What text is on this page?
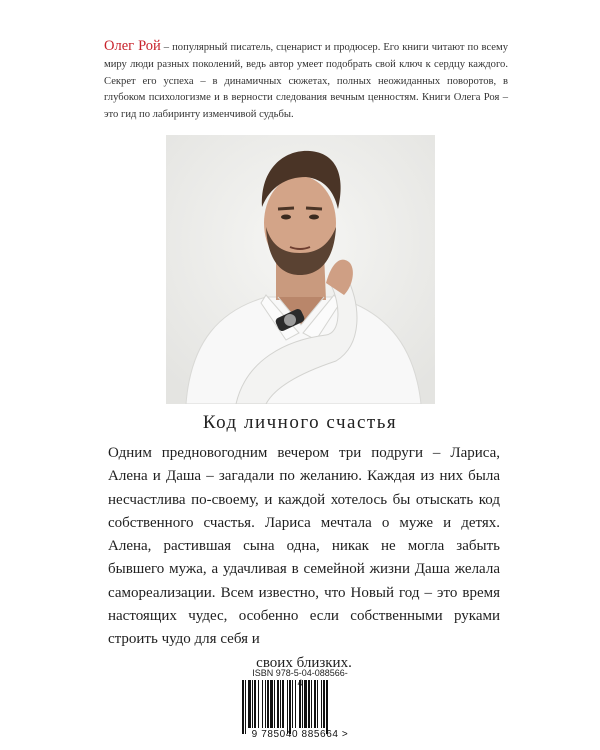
Олег Рой – популярный писатель, сценарист и продюсер. Его книги читают по всему миру люди разных поколений, ведь автор умеет подобрать свой ключ к сердцу каждого. Секрет его успеха – в динамичных сюжетах, полных неожиданных поворотов, в глубоком психологизме и в верности следования вечным ценностям. Книги Олега Роя – это гид по лабиринту изменчивой судьбы.
Код личного счастья
Одним предновогодним вечером три подруги – Лариса, Алена и Даша – загадали по желанию. Каждая из них была несчастлива по-своему, и каждой хотелось бы отыскать код собственного счастья. Лариса мечтала о муже и детях. Алена, растившая сына одна, никак не могла забыть бывшего мужа, а удачливая в семейной жизни Даша желала самореализации. Всем известно, что Новый год – это время настоящих чудес, особенно если собственными руками строить чудо для себя и
своих близких.
ISBN 978-5-04-088566-
9 785040 885664 >
